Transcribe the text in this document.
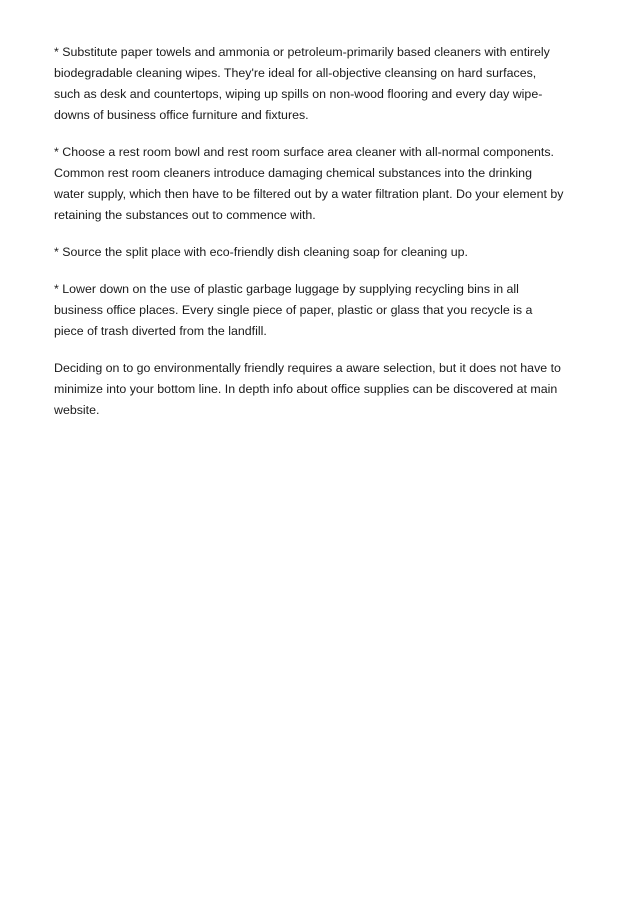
* Substitute paper towels and ammonia or petroleum-primarily based cleaners with entirely
biodegradable cleaning wipes. They're ideal for all-objective cleansing on hard surfaces,
such as desk and countertops, wiping up spills on non-wood flooring and every day wipe-
downs of business office furniture and fixtures.

* Choose a rest room bowl and rest room surface area cleaner with all-normal components.
Common rest room cleaners introduce damaging chemical substances into the drinking
water supply, which then have to be filtered out by a water filtration plant. Do your element by
retaining the substances out to commence with.

* Source the split place with eco-friendly dish cleaning soap for cleaning up.

* Lower down on the use of plastic garbage luggage by supplying recycling bins in all
business office places. Every single piece of paper, plastic or glass that you recycle is a
piece of trash diverted from the landfill.

Deciding on to go environmentally friendly requires a aware selection, but it does not have to
minimize into your bottom line. In depth info about office supplies can be discovered at main
website.
